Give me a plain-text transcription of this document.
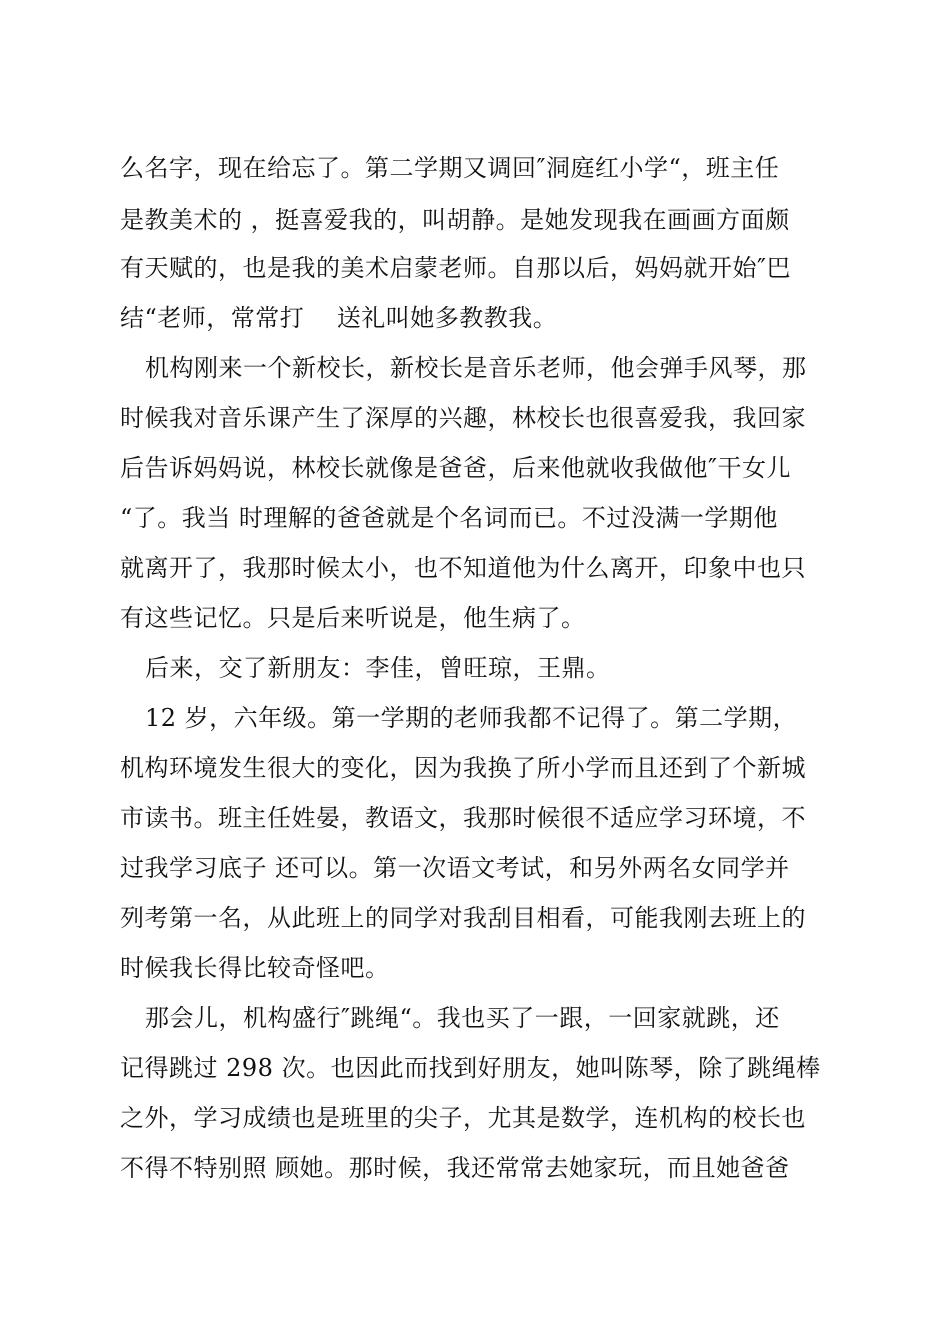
么名字，现在给忘了。第二学期又调回″洞庭红小学“，班主任
是教美术的 ，挺喜爱我的，叫胡静。是她发现我在画画方面颇
有天赋的，也是我的美术启蒙老师。自那以后，妈妈就开始″巴
结“老师，常常打    送礼叫她多教教我。
机构刚来一个新校长，新校长是音乐老师，他会弹手风琴，那
时候我对音乐课产生了深厚的兴趣，林校长也很喜爱我，我回家
后告诉妈妈说，林校长就像是爸爸，后来他就收我做他″干女儿
“了。我当 时理解的爸爸就是个名词而已。不过没满一学期他
就离开了，我那时候太小，也不知道他为什么离开，印象中也只
有这些记忆。只是后来听说是，他生病了。
后来，交了新朋友：李佳，曾旺琼，王鼎。
12 岁，六年级。第一学期的老师我都不记得了。第二学期，
机构环境发生很大的变化，因为我换了所小学而且还到了个新城
市读书。班主任姓晏，教语文，我那时候很不适应学习环境，不
过我学习底子 还可以。第一次语文考试，和另外两名女同学并
列考第一名，从此班上的同学对我刮目相看，可能我刚去班上的
时候我长得比较奇怪吧。
那会儿，机构盛行″跳绳“。我也买了一跟，一回家就跳，还
记得跳过 298 次。也因此而找到好朋友，她叫陈琴，除了跳绳棒
之外，学习成绩也是班里的尖子，尤其是数学，连机构的校长也
不得不特别照 顾她。那时候，我还常常去她家玩，而且她爸爸
